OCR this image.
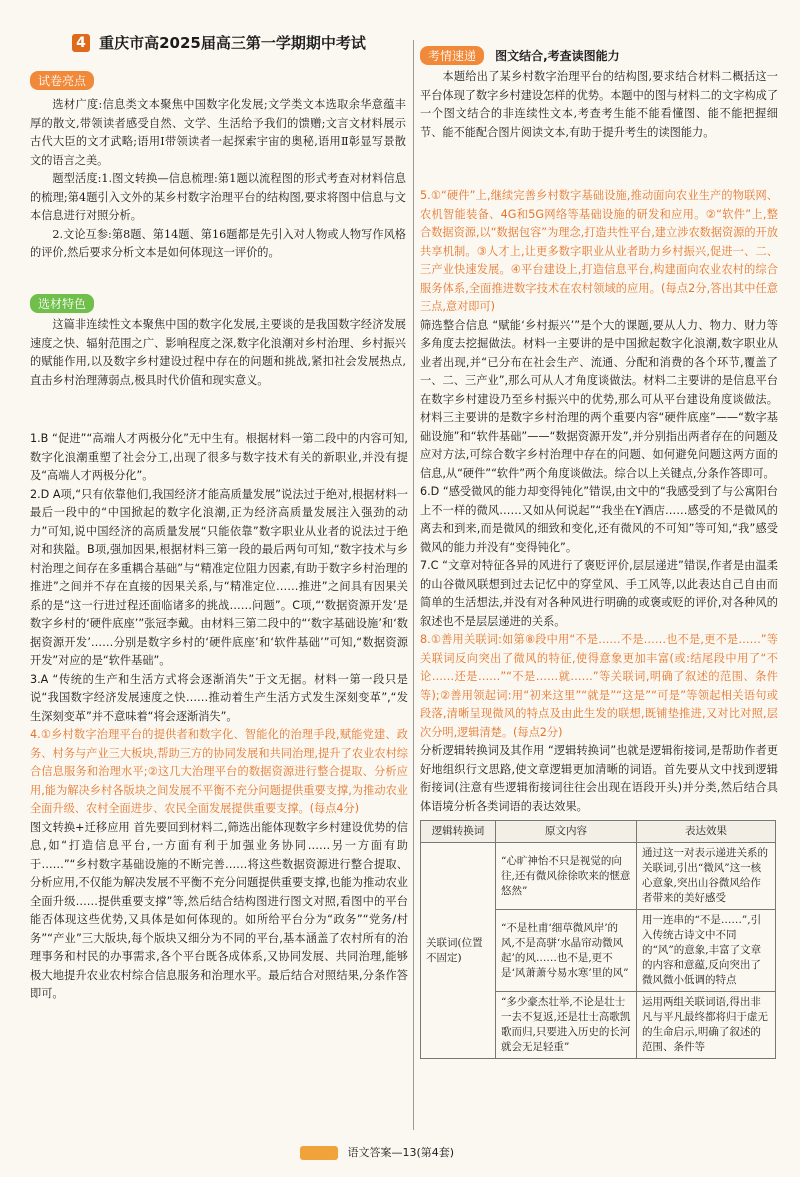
4 重庆市高2025届高三第一学期期中考试
试卷亮点

选材广度:信息类文本聚焦中国数字化发展;文学类文本选取余华意蕴丰厚的散文,带领读者感受自然、文学、生活给予我们的馈赠;文言文材料展示古代大臣的文才武略;语用Ⅰ带领读者一起探索宇宙的奥秘,语用Ⅱ彰显写景散文的语言之美。

题型活度:1.图文转换—信息梳理:第1题以流程图的形式考查对材料信息的梳理;第4题引入文外的某乡村数字治理平台的结构图,要求将图中信息与文本信息进行对照分析。

2.文论互参:第8题、第14题、第16题都是先引入对人物或人物写作风格的评价,然后要求分析文本是如何体现这一评价的。

选材特色

这篇非连续性文本聚焦中国的数字化发展,主要谈的是我国数字经济发展速度之快、辐射范围之广、影响程度之深,数字化浪潮对乡村治理、乡村振兴的赋能作用,以及数字乡村建设过程中存在的问题和挑战,紧扣社会发展热点,直击乡村治理薄弱点,极具时代价值和现实意义。

1.B “促进”“高端人才两极分化”无中生有。根据材料一第二段中的内容可知,数字化浪潮重塑了社会分工,出现了很多与数字技术有关的新职业,并没有提及“高端人才两极分化”。

2.D A项,“只有依靠他们,我国经济才能高质量发展”说法过于绝对,根据材料一最后一段中的“中国掀起的数字化浪潮,正为经济高质量发展注入强劲的动力”可知,说中国经济的高质量发展“只能依靠”数字职业从业者的说法过于绝对和狭隘。B项,强加因果,根据材料三第一段的最后两句可知,“数字技术与乡村治理之间存在多重耦合基础”与“精准定位阻力因素,有助于数字乡村治理的推进”之间并不存在直接的因果关系,与“精准定位……推进”之间具有因果关系的是“这一行进过程还面临诸多的挑战……问题”。C项,“‘数据资源开发’是数字乡村的‘硬件底座’”张冠李戴。由材料三第二段中的“‘数字基础设施’和‘数据资源开发’……分别是数字乡村的‘硬件底座’和‘软件基础’”可知,“数据资源开发”对应的是“软件基础”。

3.A “传统的生产和生活方式将会逐渐消失”于文无据。材料一第一段只是说“我国数字经济发展速度之快……推动着生产生活方式发生深刻变革”,“发生深刻变革”并不意味着“将会逐渐消失”。

4.①乡村数字治理平台的提供者和数字化、智能化的治理手段,赋能党建、政务、村务与产业三大板块,帮助三方的协同发展和共同治理,提升了农业农村综合信息服务和治理水平;②这几大治理平台的数据资源进行整合提取、分析应用,能为解决乡村各版块之间发展不平衡不充分问题提供重要支撑,为推动农业全面升级、农村全面进步、农民全面发展提供重要支撑。(每点4分)

图文转换+迁移应用 首先要回到材料二,筛选出能体现数字乡村建设优势的信息,如“打造信息平台,一方面有利于加强业务协同……另一方面有助于……”“乡村数字基础设施的不断完善……将这些数据资源进行整合提取、分析应用,不仅能为解决发展不平衡不充分问题提供重要支撑,也能为推动农业全面升级……提供重要支撑”等,然后结合结构图进行图文对照,看图中的平台能否体现这些优势,又具体是如何体现的。如所给平台分为“政务”“党务/村务”“产业”三大版块,每个版块又细分为不同的平台,基本涵盖了农村所有的治理事务和村民的办事需求,各个平台既各成体系,又协同发展、共同治理,能够极大地提升农业农村综合信息服务和治理水平。最后结合对照结果,分条作答即可。

考情速递 图文结合,考查读图能力

本题给出了某乡村数字治理平台的结构图,要求结合材料二概括这一平台体现了数字乡村建设怎样的优势。本题中的图与材料二的文字构成了一个图文结合的非连续性文本,考查考生能不能看懂图、能不能把握细节、能不能配合图片阅读文本,有助于提升考生的读图能力。

5.①“硬件”上,继续完善乡村数字基础设施,推动面向农业生产的物联网、农机智能装备、4G和5G网络等基础设施的研发和应用。②“软件”上,整合数据资源,以“数据包容”为理念,打造共性平台,建立涉农数据资源的开放共享机制。③人才上,让更多数字职业从业者助力乡村振兴,促进一、二、三产业快速发展。④平台建设上,打造信息平台,构建面向农业农村的综合服务体系,全面推进数字技术在农村领域的应用。(每点2分,答出其中任意三点,意对即可)

筛选整合信息 “赋能‘乡村振兴’”是个大的课题,要从人力、物力、财力等多角度去挖掘做法。材料一主要讲的是中国掀起数字化浪潮,数字职业从业者出现,并“已分布在社会生产、流通、分配和消费的各个环节,覆盖了一、二、三产业”,那么可从人才角度谈做法。材料二主要讲的是信息平台在数字乡村建设乃至乡村振兴中的优势,那么可从平台建设角度谈做法。材料三主要讲的是数字乡村治理的两个重要内容“硬件底座”——“数字基础设施”和“软件基础”——“数据资源开发”,并分别指出两者存在的问题及应对方法,可综合数字乡村治理中存在的问题、如何避免问题这两方面的信息,从“硬件”“软件”两个角度谈做法。综合以上关键点,分条作答即可。

6.D “感受微风的能力却变得钝化”错误,由文中的“我感受到了与公寓阳台上不一样的微风……又如从何说起”“我坐在Y酒店……感受的不是微风的离去和到来,而是微风的细致和变化,还有微风的不可知”等可知,“我”感受微风的能力并没有“变得钝化”。

7.C “文章对特征各异的风进行了褒贬评价,层层递进”错误,作者是由温柔的山谷微风联想到过去记忆中的穿堂风、手工风等,以此表达自己自由而简单的生活想法,并没有对各种风进行明确的或褒或贬的评价,对各种风的叙述也不是层层递进的关系。

8.①善用关联词:如第⑧段中用“不是……不是……也不是,更不是……”等关联词反向突出了微风的特征,使得意象更加丰富(或:结尾段中用了“不论……还是……”“不是……就……”等关联词,明确了叙述的范围、条件等);②善用领起词:用“初来这里”“就是”“这是”“可是”等领起相关语句或段落,清晰呈现微风的特点及由此生发的联想,既铺垫推进,又对比对照,层次分明,逻辑清楚。(每点2分)

分析逻辑转换词及其作用 “逻辑转换词”也就是逻辑衔接词,是帮助作者更好地组织行文思路,使文章逻辑更加清晰的词语。首先要从文中找到逻辑衔接词(注意有些逻辑衔接词往往会出现在语段开头)并分类,然后结合具体语境分析各类词语的表达效果。

逻辑转换词	原文内容	表达效果
关联词(位置不固定)	“心旷神怡不只是视觉的向往,还有微风徐徐吹来的惬意悠然”	通过这一对表示递进关系的关联词,引出“微风”这一核心意象,突出山谷微风给作者带来的美好感受
	“不是杜甫‘细草微风岸’的风,不是高骈‘水晶帘动微风起’的风……也不是,更不是‘风萧萧兮易水寒’里的风”	用一连串的“不是……”,引入传统古诗文中不同的“风”的意象,丰富了文章的内容和意蕴,反向突出了微风微小低调的特点
	“多少豪杰壮举,不论是壮士一去不复返,还是壮士高歌凯歌而归,只要进入历史的长河就会无足轻重”	运用两组关联词语,得出非凡与平凡最终都将归于虚无的生命启示,明确了叙述的范围、条件等
语文答案—13(第4套)
